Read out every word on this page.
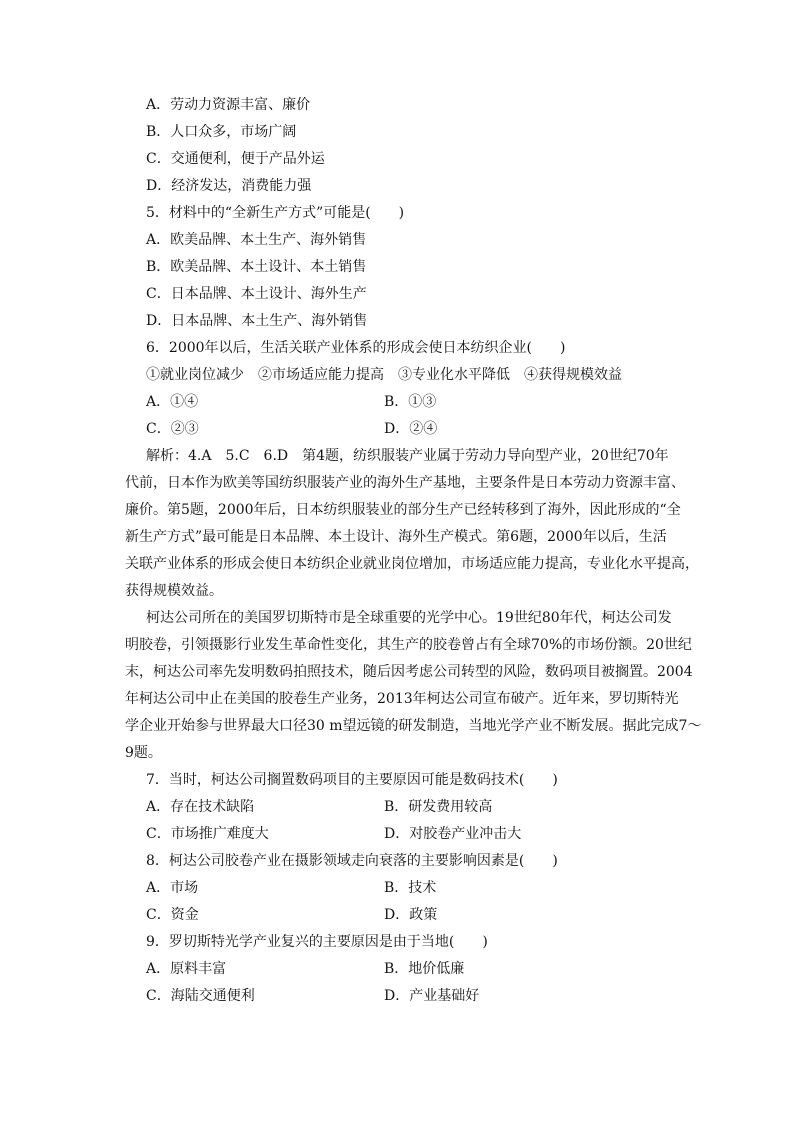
A．劳动力资源丰富、廉价
B．人口众多，市场广阔
C．交通便利，便于产品外运
D．经济发达，消费能力强
5．材料中的“全新生产方式”可能是(　　)
A．欧美品牌、本土生产、海外销售
B．欧美品牌、本土设计、本土销售
C．日本品牌、本土设计、海外生产
D．日本品牌、本土生产、海外销售
6．2000年以后，生活关联产业体系的形成会使日本纺织企业(　　)
①就业岗位减少　②市场适应能力提高　③专业化水平降低　④获得规模效益
A．①④	B．①③
C．②③	D．②④
解析：4.A　5.C　6.D　第4题，纺织服装产业属于劳动力导向型产业，20世纪70年
代前，日本作为欧美等国纺织服装产业的海外生产基地，主要条件是日本劳动力资源丰富、
廉价。第5题，2000年后，日本纺织服装业的部分生产已经转移到了海外，因此形成的“全
新生产方式”最可能是日本品牌、本土设计、海外生产模式。第6题，2000年以后，生活
关联产业体系的形成会使日本纺织企业就业岗位增加，市场适应能力提高，专业化水平提高，
获得规模效益。
柯达公司所在的美国罗切斯特市是全球重要的光学中心。19世纪80年代，柯达公司发
明胶卷，引领摄影行业发生革命性变化，其生产的胶卷曾占有全球70%的市场份额。20世纪
末，柯达公司率先发明数码拍照技术，随后因考虑公司转型的风险，数码项目被搁置。2004
年柯达公司中止在美国的胶卷生产业务，2013年柯达公司宣布破产。近年来，罗切斯特光
学企业开始参与世界最大口径30 m望远镜的研发制造，当地光学产业不断发展。据此完成7～
9题。
7．当时，柯达公司搁置数码项目的主要原因可能是数码技术(　　)
A．存在技术缺陷	B．研发费用较高
C．市场推广难度大	D．对胶卷产业冲击大
8．柯达公司胶卷产业在摄影领域走向衰落的主要影响因素是(　　)
A．市场	B．技术
C．资金	D．政策
9．罗切斯特光学产业复兴的主要原因是由于当地(　　)
A．原料丰富	B．地价低廉
C．海陆交通便利	D．产业基础好
